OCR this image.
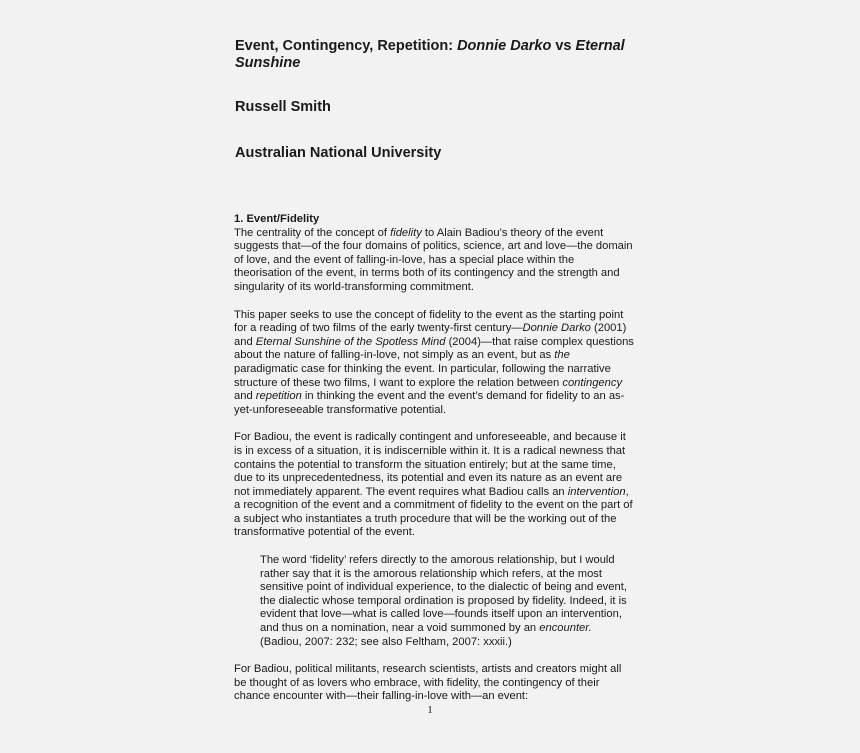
Event, Contingency, Repetition: Donnie Darko vs Eternal Sunshine
Russell Smith
Australian National University
1. Event/Fidelity

The centrality of the concept of fidelity to Alain Badiou’s theory of the event suggests that—of the four domains of politics, science, art and love—the domain of love, and the event of falling-in-love, has a special place within the theorisation of the event, in terms both of its contingency and the strength and singularity of its world-transforming commitment.

This paper seeks to use the concept of fidelity to the event as the starting point for a reading of two films of the early twenty-first century—Donnie Darko (2001) and Eternal Sunshine of the Spotless Mind (2004)—that raise complex questions about the nature of falling-in-love, not simply as an event, but as the paradigmatic case for thinking the event. In particular, following the narrative structure of these two films, I want to explore the relation between contingency and repetition in thinking the event and the event’s demand for fidelity to an as-yet-unforeseeable transformative potential.

For Badiou, the event is radically contingent and unforeseeable, and because it is in excess of a situation, it is indiscernible within it. It is a radical newness that contains the potential to transform the situation entirely; but at the same time, due to its unprecedentedness, its potential and even its nature as an event are not immediately apparent. The event requires what Badiou calls an intervention, a recognition of the event and a commitment of fidelity to the event on the part of a subject who instantiates a truth procedure that will be the working out of the transformative potential of the event.

The word ‘fidelity’ refers directly to the amorous relationship, but I would rather say that it is the amorous relationship which refers, at the most sensitive point of individual experience, to the dialectic of being and event, the dialectic whose temporal ordination is proposed by fidelity. Indeed, it is evident that love—what is called love—founds itself upon an intervention, and thus on a nomination, near a void summoned by an encounter. (Badiou, 2007: 232; see also Feltham, 2007: xxxii.)

For Badiou, political militants, research scientists, artists and creators might all be thought of as lovers who embrace, with fidelity, the contingency of their chance encounter with—their falling-in-love with—an event:

1
